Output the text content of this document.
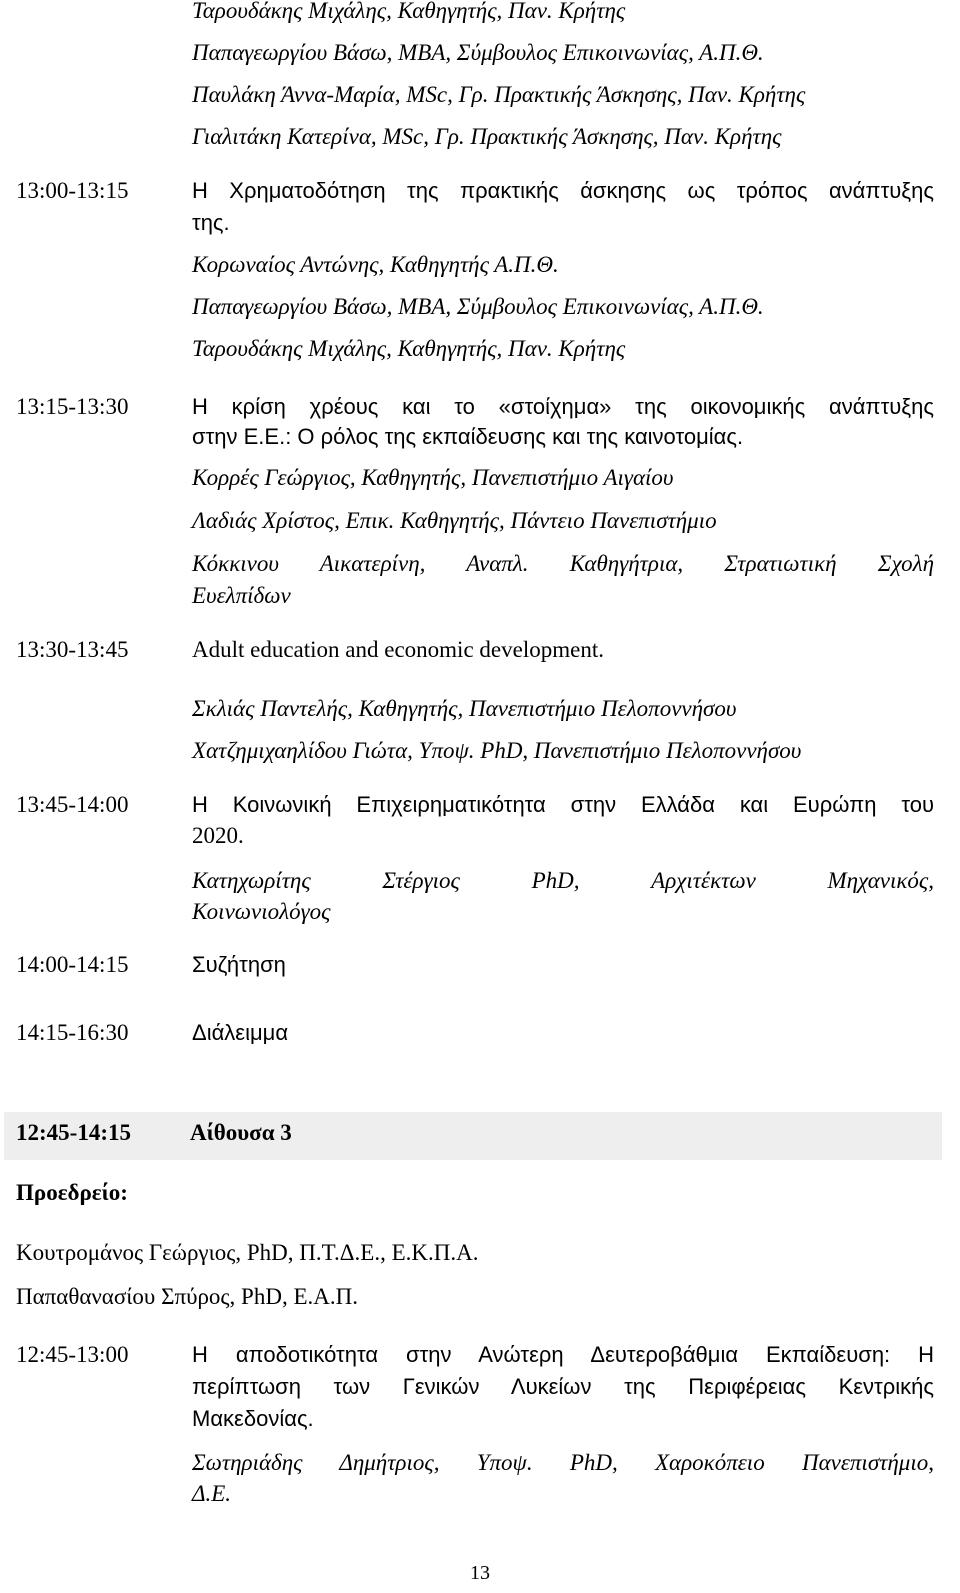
Ταρουδάκης Μιχάλης, Καθηγητής, Παν. Κρήτης
Παπαγεωργίου Βάσω, ΜΒΑ, Σύμβουλος Επικοινωνίας, Α.Π.Θ.
Παυλάκη Άννα-Μαρία, MSc, Γρ. Πρακτικής Άσκησης, Παν. Κρήτης
Γιαλιτάκη Κατερίνα, MSc, Γρ. Πρακτικής Άσκησης, Παν. Κρήτης
13:00-13:15	Η Χρηματοδότηση της πρακτικής άσκησης ως τρόπος ανάπτυξης
της.
Κορωναίος Αντώνης, Καθηγητής Α.Π.Θ.
Παπαγεωργίου Βάσω, ΜΒΑ, Σύμβουλος Επικοινωνίας, Α.Π.Θ.
Ταρουδάκης Μιχάλης, Καθηγητής, Παν. Κρήτης
13:15-13:30	Η κρίση χρέους και το «στοίχημα» της οικονομικής ανάπτυξης
στην Ε.Ε.: Ο ρόλος της εκπαίδευσης και της καινοτομίας.
Κορρές Γεώργιος, Καθηγητής, Πανεπιστήμιο Αιγαίου
Λαδιάς Χρίστος, Επικ. Καθηγητής, Πάντειο Πανεπιστήμιο
Κόκκινου Αικατερίνη, Αναπλ. Καθηγήτρια, Στρατιωτική Σχολή
Ευελπίδων
13:30-13:45	Adult education and economic development.
Σκλιάς Παντελής, Καθηγητής, Πανεπιστήμιο Πελοποννήσου
Χατζημιχαηλίδου Γιώτα, Υποψ. PhD, Πανεπιστήμιο Πελοποννήσου
13:45-14:00	Η Κοινωνική Επιχειρηματικότητα στην Ελλάδα και Ευρώπη του
2020.
Κατηχωρίτης Στέργιος PhD, Αρχιτέκτων Μηχανικός,
Κοινωνιολόγος
14:00-14:15	Συζήτηση
14:15-16:30	Διάλειμμα
12:45-14:15	Αίθουσα 3
Προεδρείο:
Κουτρομάνος Γεώργιος, PhD, Π.Τ.Δ.Ε., Ε.Κ.Π.Α.
Παπαθανασίου Σπύρος, PhD, Ε.Α.Π.
12:45-13:00	Η αποδοτικότητα στην Ανώτερη Δευτεροβάθμια Εκπαίδευση: Η
περίπτωση των Γενικών Λυκείων της Περιφέρειας Κεντρικής
Μακεδονίας.
Σωτηριάδης Δημήτριος, Υποψ. PhD, Χαροκόπειο Πανεπιστήμιο,
Δ.Ε.
13
